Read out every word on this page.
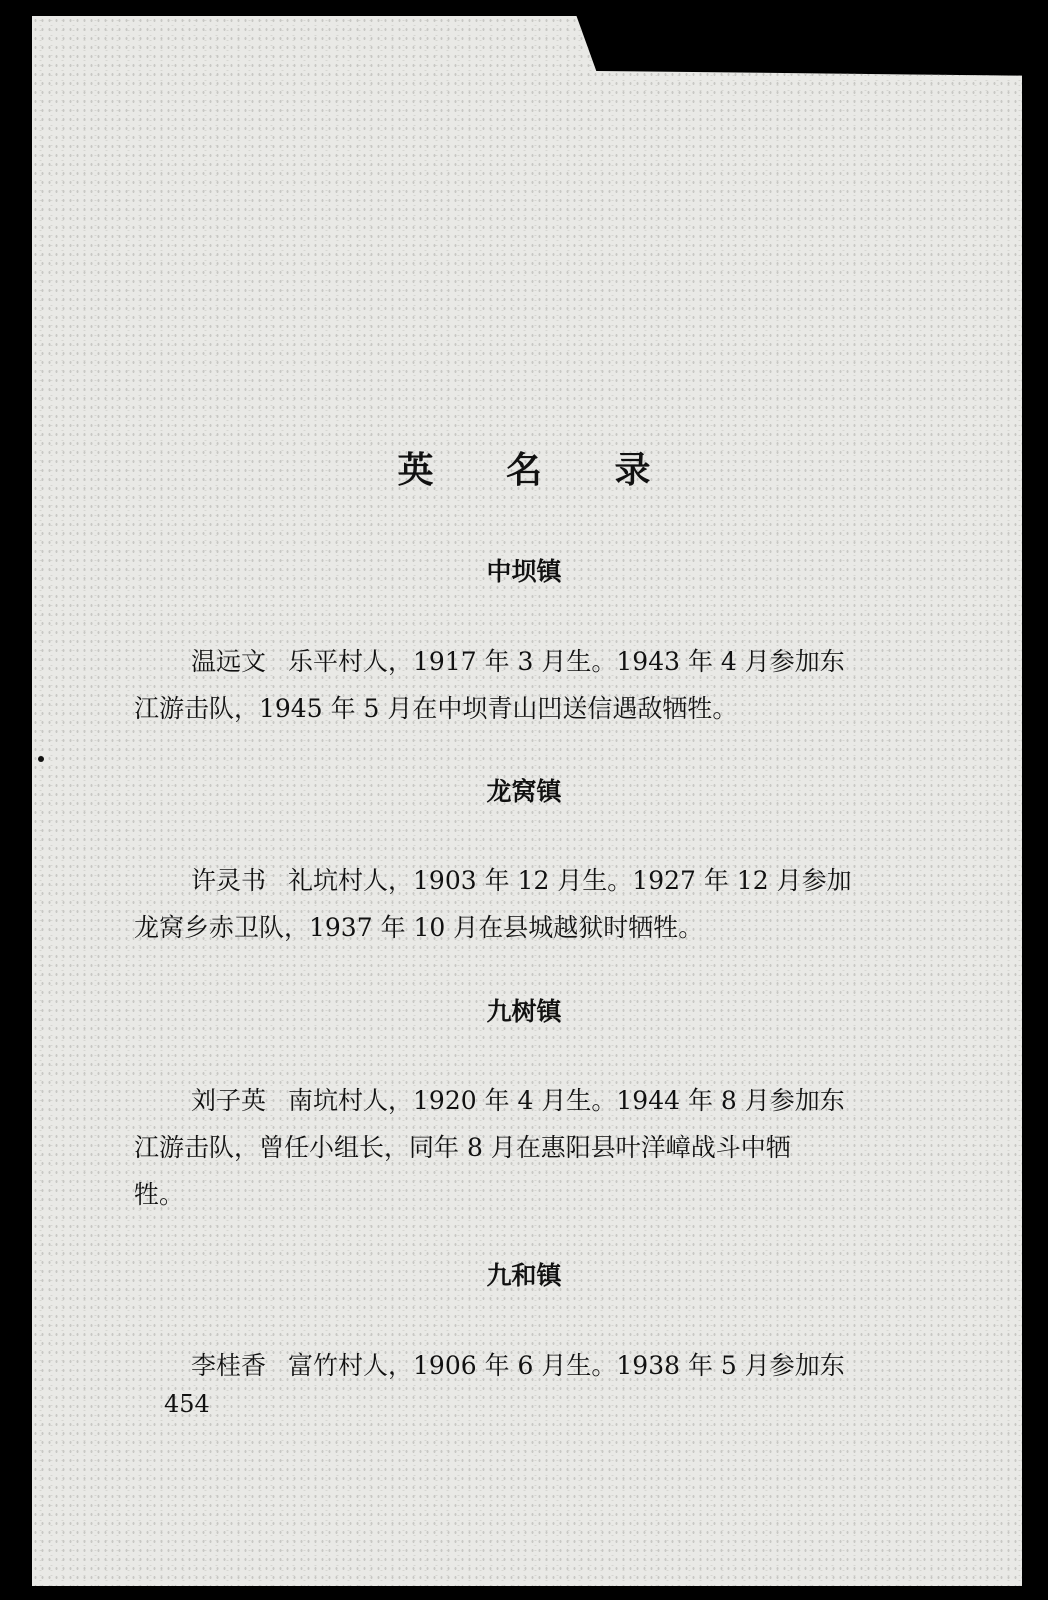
英 名 录
中坝镇
温远文 乐平村人，1917 年 3 月生。1943 年 4 月参加东
江游击队，1945 年 5 月在中坝青山凹送信遇敌牺牲。
龙窝镇
许灵书 礼坑村人，1903 年 12 月生。1927 年 12 月参加
龙窝乡赤卫队，1937 年 10 月在县城越狱时牺牲。
九树镇
刘子英 南坑村人，1920 年 4 月生。1944 年 8 月参加东
江游击队，曾任小组长，同年 8 月在惠阳县叶洋嶂战斗中牺
牲。
九和镇
李桂香 富竹村人，1906 年 6 月生。1938 年 5 月参加东
454
